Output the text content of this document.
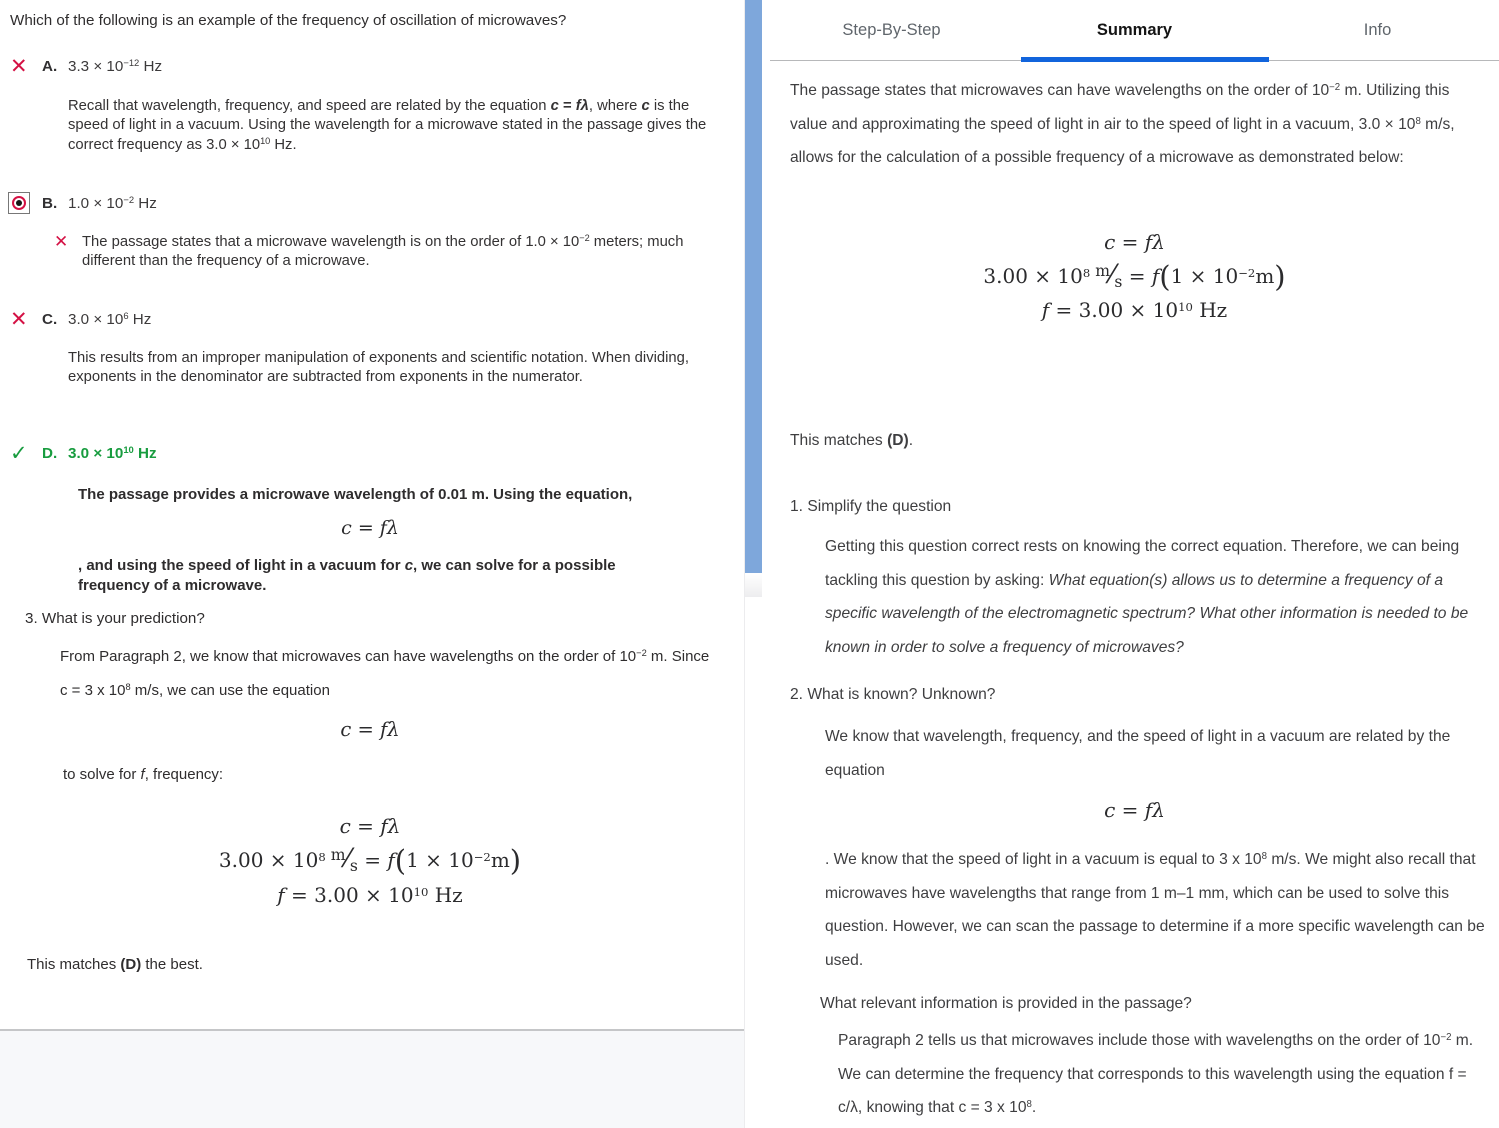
Which of the following is an example of the frequency of oscillation of microwaves?
✕ A. $3.3 \times 10^{-12}$ Hz
Recall that wavelength, frequency, and speed are related by the equation c = fλ, where c is the speed of light in a vacuum. Using the wavelength for a microwave stated in the passage gives the correct frequency as $3.0 \times 10^{10}$ Hz.
B. $1.0 \times 10^{-2}$ Hz
✕ The passage states that a microwave wavelength is on the order of $1.0 \times 10^{-2}$ meters; much different than the frequency of a microwave.
✕ C. $3.0 \times 10^6$ Hz
This results from an improper manipulation of exponents and scientific notation. When dividing, exponents in the denominator are subtracted from exponents in the numerator.
✓ D. $3.0 \times 10^{10}$ Hz
The passage provides a microwave wavelength of 0.01 m. Using the equation,
c = fλ
, and using the speed of light in a vacuum for c, we can solve for a possible frequency of a microwave.
3. What is your prediction?
From Paragraph 2, we know that microwaves can have wavelengths on the order of $10^{-2}$ m. Since c = 3 x $10^8$ m/s, we can use the equation
c = fλ
to solve for f, frequency:
c = fλ
$3.00 \times 10^8$ $^m⁄_s = f(1 \times 10^{-2}m)$
$f = 3.00 \times 10^{10}$ Hz
This matches (D) the best.
Step-By-Step	Summary	Info
The passage states that microwaves can have wavelengths on the order of $10^{-2}$ m. Utilizing this value and approximating the speed of light in air to the speed of light in a vacuum, $3.0 \times 10^8$ m/s, allows for the calculation of a possible frequency of a microwave as demonstrated below:
c = fλ
$3.00 \times 10^8$ $^m⁄_s = f(1 \times 10^{-2}m)$
$f = 3.00 \times 10^{10}$ Hz
This matches (D).
1. Simplify the question
Getting this question correct rests on knowing the correct equation. Therefore, we can being tackling this question by asking: What equation(s) allows us to determine a frequency of a specific wavelength of the electromagnetic spectrum? What other information is needed to be known in order to solve a frequency of microwaves?
2. What is known? Unknown?
We know that wavelength, frequency, and the speed of light in a vacuum are related by the equation
c = fλ
. We know that the speed of light in a vacuum is equal to 3 x $10^8$ m/s. We might also recall that microwaves have wavelengths that range from 1 m–1 mm, which can be used to solve this question. However, we can scan the passage to determine if a more specific wavelength can be used.
What relevant information is provided in the passage?
Paragraph 2 tells us that microwaves include those with wavelengths on the order of $10^{-2}$ m. We can determine the frequency that corresponds to this wavelength using the equation f = c/λ, knowing that c = 3 x $10^8$.
